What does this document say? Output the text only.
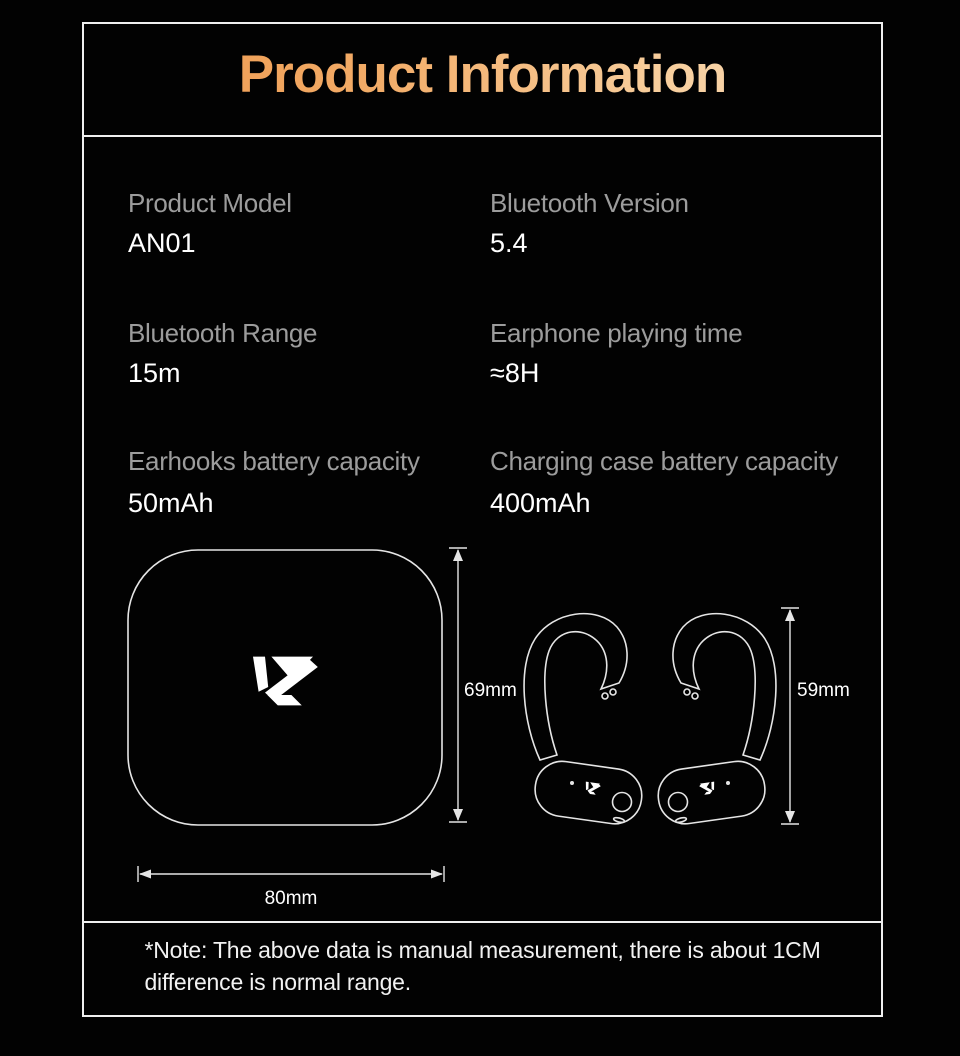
Product Information
Product Model
AN01
Bluetooth Version
5.4
Bluetooth Range
15m
Earphone playing time
≈8H
Earhooks battery capacity
50mAh
Charging case battery capacity
400mAh
*Note: The above data is manual measurement, there is about 1CM
difference is normal range.
69mm	59mm
80mm
